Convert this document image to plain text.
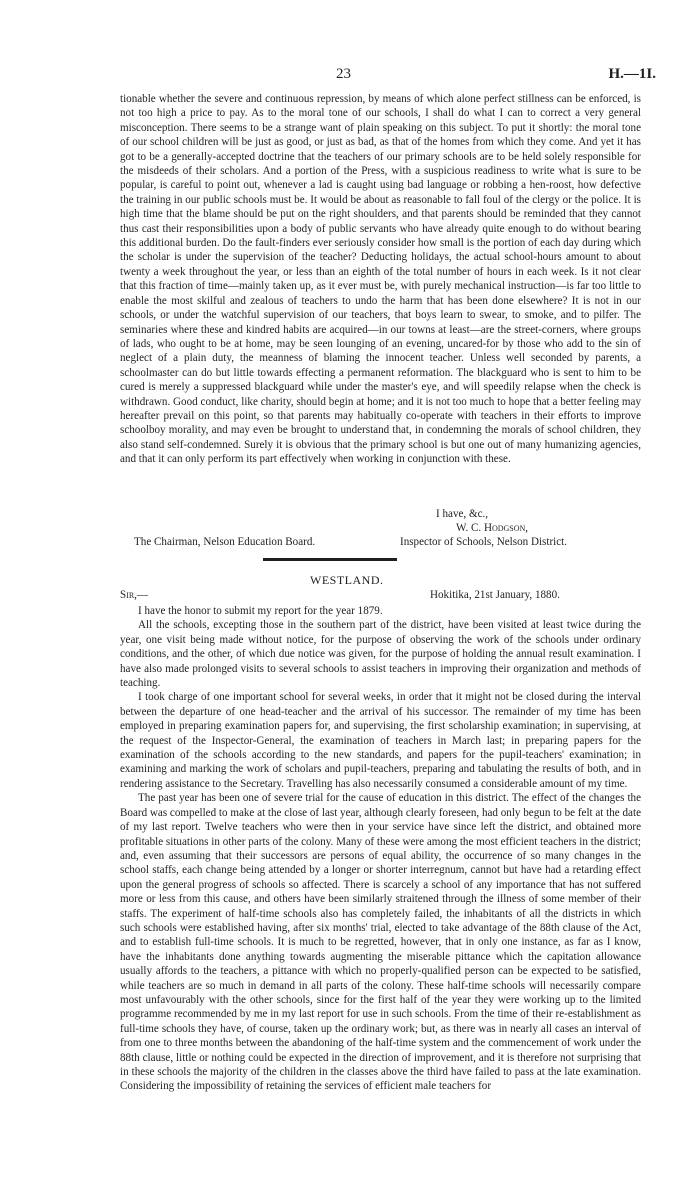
23	H.—1I.

tionable whether the severe and continuous repression, by means of which alone perfect stillness can be enforced, is not too high a price to pay. As to the moral tone of our schools, I shall do what I can to correct a very general misconception. There seems to be a strange want of plain speaking on this subject. To put it shortly: the moral tone of our school children will be just as good, or just as bad, as that of the homes from which they come. And yet it has got to be a generally-accepted doctrine that the teachers of our primary schools are to be held solely responsible for the misdeeds of their scholars. And a portion of the Press, with a suspicious readiness to write what is sure to be popular, is careful to point out, whenever a lad is caught using bad language or robbing a hen-roost, how defective the training in our public schools must be. It would be about as reasonable to fall foul of the clergy or the police. It is high time that the blame should be put on the right shoulders, and that parents should be reminded that they cannot thus cast their responsibilities upon a body of public servants who have already quite enough to do without bearing this additional burden. Do the fault-finders ever seriously consider how small is the portion of each day during which the scholar is under the supervision of the teacher? Deducting holidays, the actual school-hours amount to about twenty a week throughout the year, or less than an eighth of the total number of hours in each week. Is it not clear that this fraction of time—mainly taken up, as it ever must be, with purely mechanical instruction—is far too little to enable the most skilful and zealous of teachers to undo the harm that has been done elsewhere? It is not in our schools, or under the watchful supervision of our teachers, that boys learn to swear, to smoke, and to pilfer. The seminaries where these and kindred habits are acquired—in our towns at least—are the street-corners, where groups of lads, who ought to be at home, may be seen lounging of an evening, uncared-for by those who add to the sin of neglect of a plain duty, the meanness of blaming the innocent teacher. Unless well seconded by parents, a schoolmaster can do but little towards effecting a permanent reformation. The blackguard who is sent to him to be cured is merely a suppressed blackguard while under the master's eye, and will speedily relapse when the check is withdrawn. Good conduct, like charity, should begin at home; and it is not too much to hope that a better feeling may hereafter prevail on this point, so that parents may habitually co-operate with teachers in their efforts to improve schoolboy morality, and may even be brought to understand that, in condemning the morals of school children, they also stand self-condemned. Surely it is obvious that the primary school is but one out of many humanizing agencies, and that it can only perform its part effectively when working in conjunction with these.

I have, &c.,
W. C. Hodgson,
Inspector of Schools, Nelson District.
The Chairman, Nelson Education Board.
WESTLAND.
Sir,—	Hokitika, 21st January, 1880.

I have the honor to submit my report for the year 1879.

All the schools, excepting those in the southern part of the district, have been visited at least twice during the year, one visit being made without notice, for the purpose of observing the work of the schools under ordinary conditions, and the other, of which due notice was given, for the purpose of holding the annual result examination. I have also made prolonged visits to several schools to assist teachers in improving their organization and methods of teaching.

I took charge of one important school for several weeks, in order that it might not be closed during the interval between the departure of one head-teacher and the arrival of his successor. The remainder of my time has been employed in preparing examination papers for, and supervising, the first scholarship examination; in supervising, at the request of the Inspector-General, the examination of teachers in March last; in preparing papers for the examination of the schools according to the new standards, and papers for the pupil-teachers' examination; in examining and marking the work of scholars and pupil-teachers, preparing and tabulating the results of both, and in rendering assistance to the Secretary. Travelling has also necessarily consumed a considerable amount of my time.

The past year has been one of severe trial for the cause of education in this district. The effect of the changes the Board was compelled to make at the close of last year, although clearly foreseen, had only begun to be felt at the date of my last report. Twelve teachers who were then in your service have since left the district, and obtained more profitable situations in other parts of the colony. Many of these were among the most efficient teachers in the district; and, even assuming that their successors are persons of equal ability, the occurrence of so many changes in the school staffs, each change being attended by a longer or shorter interregnum, cannot but have had a retarding effect upon the general progress of schools so affected. There is scarcely a school of any importance that has not suffered more or less from this cause, and others have been similarly straitened through the illness of some member of their staffs. The experiment of half-time schools also has completely failed, the inhabitants of all the districts in which such schools were established having, after six months' trial, elected to take advantage of the 88th clause of the Act, and to establish full-time schools. It is much to be regretted, however, that in only one instance, as far as I know, have the inhabitants done anything towards augmenting the miserable pittance which the capitation allowance usually affords to the teachers, a pittance with which no properly-qualified person can be expected to be satisfied, while teachers are so much in demand in all parts of the colony. These half-time schools will necessarily compare most unfavourably with the other schools, since for the first half of the year they were working up to the limited programme recommended by me in my last report for use in such schools. From the time of their re-establishment as full-time schools they have, of course, taken up the ordinary work; but, as there was in nearly all cases an interval of from one to three months between the abandoning of the half-time system and the commencement of work under the 88th clause, little or nothing could be expected in the direction of improvement, and it is therefore not surprising that in these schools the majority of the children in the classes above the third have failed to pass at the late examination. Considering the impossibility of retaining the services of efficient male teachers for
